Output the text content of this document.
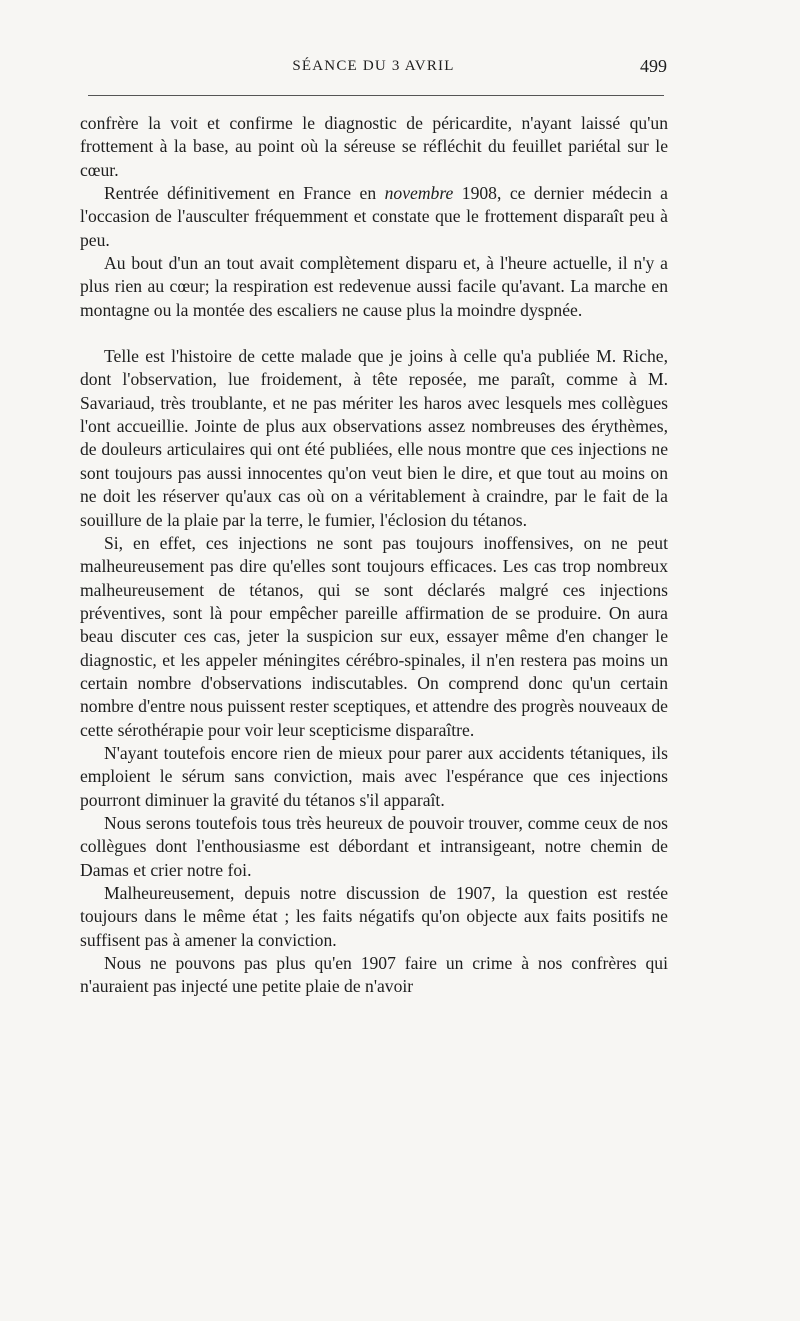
SÉANCE DU 3 AVRIL	499

confrère la voit et confirme le diagnostic de péricardite, n'ayant laissé qu'un frottement à la base, au point où la séreuse se réfléchit du feuillet pariétal sur le cœur.

Rentrée définitivement en France en novembre 1908, ce dernier médecin a l'occasion de l'ausculter fréquemment et constate que le frottement disparaît peu à peu.

Au bout d'un an tout avait complètement disparu et, à l'heure actuelle, il n'y a plus rien au cœur; la respiration est redevenue aussi facile qu'avant. La marche en montagne ou la montée des escaliers ne cause plus la moindre dyspnée.

Telle est l'histoire de cette malade que je joins à celle qu'a publiée M. Riche, dont l'observation, lue froidement, à tête reposée, me paraît, comme à M. Savariaud, très troublante, et ne pas mériter les haros avec lesquels mes collègues l'ont accueillie. Jointe de plus aux observations assez nombreuses des érythèmes, de douleurs articulaires qui ont été publiées, elle nous montre que ces injections ne sont toujours pas aussi innocentes qu'on veut bien le dire, et que tout au moins on ne doit les réserver qu'aux cas où on a véritablement à craindre, par le fait de la souillure de la plaie par la terre, le fumier, l'éclosion du tétanos.

Si, en effet, ces injections ne sont pas toujours inoffensives, on ne peut malheureusement pas dire qu'elles sont toujours efficaces. Les cas trop nombreux malheureusement de tétanos, qui se sont déclarés malgré ces injections préventives, sont là pour empêcher pareille affirmation de se produire. On aura beau discuter ces cas, jeter la suspicion sur eux, essayer même d'en changer le diagnostic, et les appeler méningites cérébro-spinales, il n'en restera pas moins un certain nombre d'observations indiscutables. On comprend donc qu'un certain nombre d'entre nous puissent rester sceptiques, et attendre des progrès nouveaux de cette sérothérapie pour voir leur scepticisme disparaître.

N'ayant toutefois encore rien de mieux pour parer aux accidents tétaniques, ils emploient le sérum sans conviction, mais avec l'espérance que ces injections pourront diminuer la gravité du tétanos s'il apparaît.

Nous serons toutefois tous très heureux de pouvoir trouver, comme ceux de nos collègues dont l'enthousiasme est débordant et intransigeant, notre chemin de Damas et crier notre foi.

Malheureusement, depuis notre discussion de 1907, la question est restée toujours dans le même état ; les faits négatifs qu'on objecte aux faits positifs ne suffisent pas à amener la conviction.

Nous ne pouvons pas plus qu'en 1907 faire un crime à nos confrères qui n'auraient pas injecté une petite plaie de n'avoir
